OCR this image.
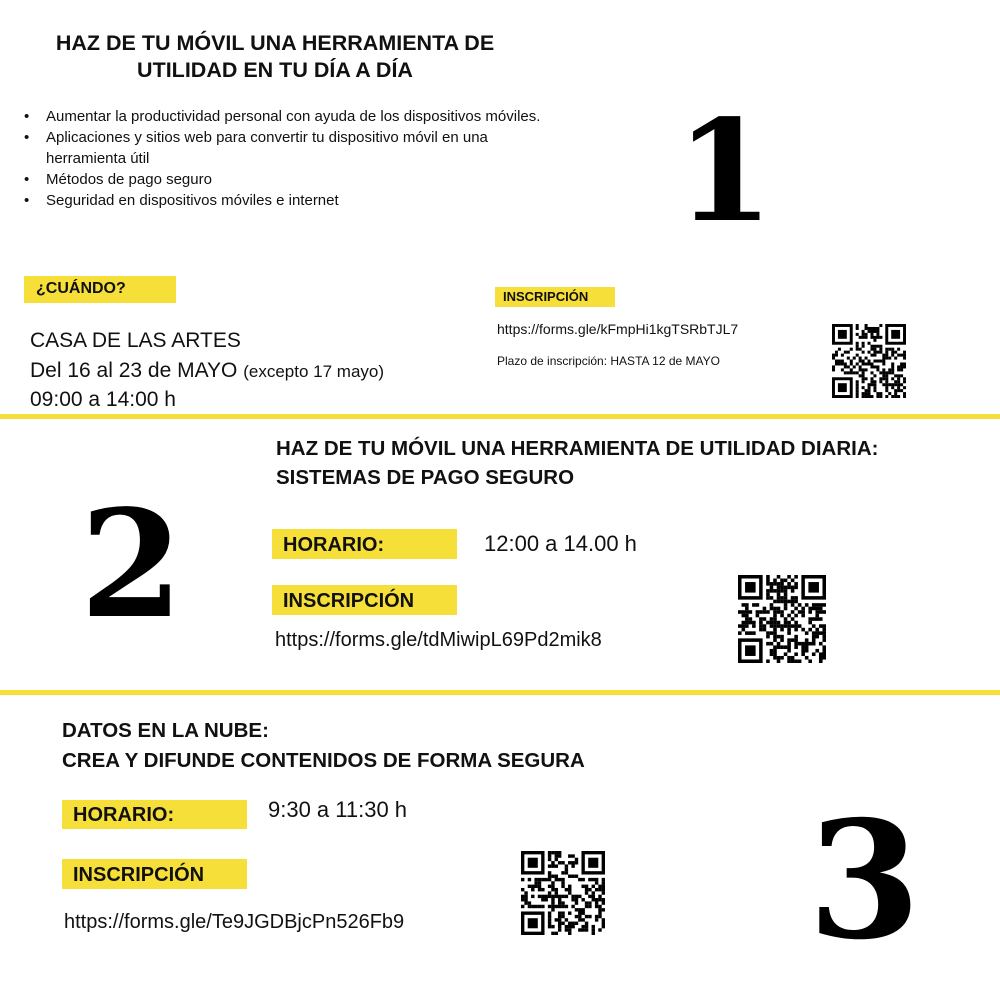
HAZ DE TU MÓVIL UNA HERRAMIENTA DE
UTILIDAD EN TU DÍA A DÍA
• Aumentar la productividad personal con ayuda de los dispositivos móviles.
• Aplicaciones y sitios web para convertir tu dispositivo móvil en una herramienta útil
• Métodos de pago seguro
• Seguridad en dispositivos móviles e internet	1
¿CUÁNDO?
CASA DE LAS ARTES
Del 16 al 23 de MAYO (excepto 17 mayo)
09:00 a 14:00 h
INSCRIPCIÓN
https://forms.gle/kFmpHi1kgTSRbTJL7
Plazo de inscripción: HASTA 12 de MAYO
2
HAZ DE TU MÓVIL UNA HERRAMIENTA DE UTILIDAD DIARIA:
SISTEMAS DE PAGO SEGURO
HORARIO:	12:00 a 14.00 h
INSCRIPCIÓN
https://forms.gle/tdMiwipL69Pd2mik8
DATOS EN LA NUBE:
CREA Y DIFUNDE CONTENIDOS DE FORMA SEGURA
HORARIO:	9:30 a 11:30 h
INSCRIPCIÓN
https://forms.gle/Te9JGDBjcPn526Fb9 3
